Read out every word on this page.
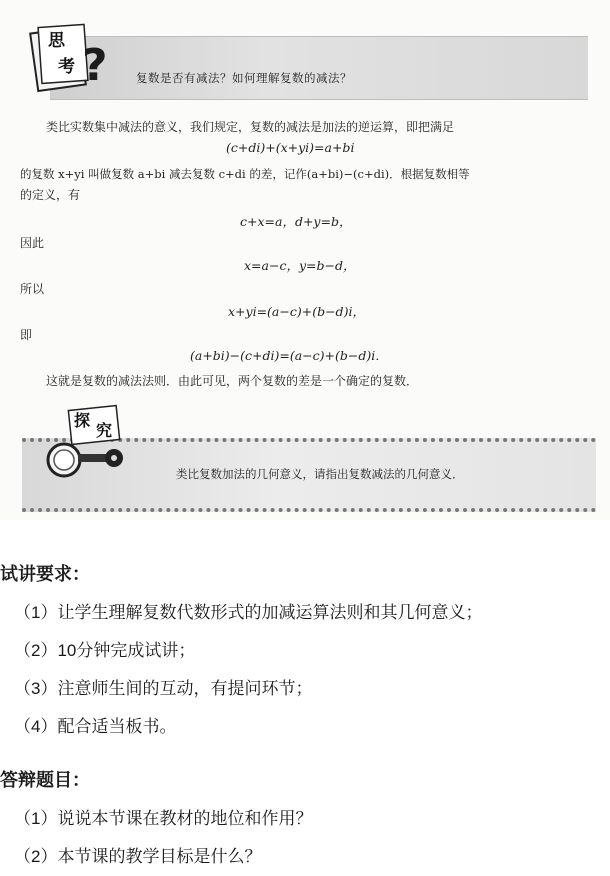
思
考 ? 复数是否有减法？如何理解复数的减法？
类比实数集中减法的意义，我们规定，复数的减法是加法的逆运算，即把满足
(c+di)+(x+yi)=a+bi
的复数 x+yi 叫做复数 a+bi 减去复数 c+di 的差，记作(a+bi)−(c+di)．根据复数相等
的定义，有
c+x=a，d+y=b，
因此
x=a−c，y=b−d，
所以
x+yi=(a−c)+(b−d)i，
即
(a+bi)−(c+di)=(a−c)+(b−d)i．
这就是复数的减法法则．由此可见，两个复数的差是一个确定的复数．
探
究
类比复数加法的几何意义，请指出复数减法的几何意义．
试讲要求：
（1）让学生理解复数代数形式的加减运算法则和其几何意义；
（2）10分钟完成试讲；
（3）注意师生间的互动，有提问环节；
（4）配合适当板书。
答辩题目：
（1）说说本节课在教材的地位和作用？
（2）本节课的教学目标是什么？
